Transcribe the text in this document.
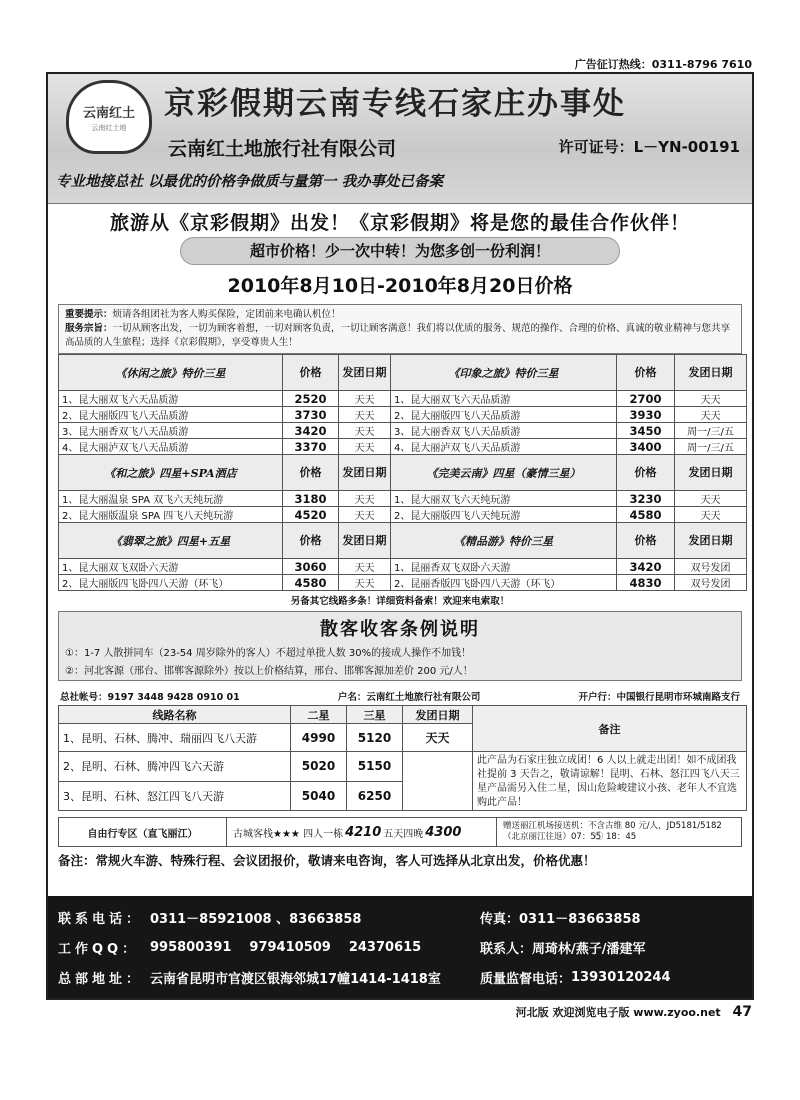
广告征订热线：0311-8796 7610
云南红土
云南红土地
京彩假期云南专线石家庄办事处
云南红土地旅行社有限公司	许可证号：L－YN-00191
专业地接总社 以最优的价格争做质与量第一 我办事处已备案
旅游从《京彩假期》出发！《京彩假期》将是您的最佳合作伙伴！
超市价格！少一次中转！为您多创一份利润！
2010年8月10日-2010年8月20日价格
重要提示：烦请各组团社为客人购买保险，定团前来电确认机位！
服务宗旨：一切从顾客出发，一切为顾客着想，一切对顾客负责，一切让顾客满意！我们将以优质的服务、规范的操作、合理的价格、真诚的敬业精神与您共享高品质的人生旅程；选择《京彩假期》，享受尊贵人生！
《休闲之旅》特价三星	价格	发团日期	《印象之旅》特价三星	价格	发团日期
1、昆大丽双飞六天品质游	2520	天天	1、昆大丽双飞六天品质游	2700	天天
2、昆大丽版四飞八天品质游	3730	天天	2、昆大丽版四飞八天品质游	3930	天天
3、昆大丽香双飞八天品质游	3420	天天	3、昆大丽香双飞八天品质游	3450	周一/三/五
4、昆大丽泸双飞八天品质游	3370	天天	4、昆大丽泸双飞八天品质游	3400	周一/三/五
《和之旅》四星+SPA酒店	价格	发团日期	《完美云南》四星（豪情三星）	价格	发团日期
1、昆大丽温泉 SPA 双飞六天纯玩游	3180	天天	1、昆大丽双飞六天纯玩游	3230	天天
2、昆大丽版温泉 SPA 四飞八天纯玩游	4520	天天	2、昆大丽版四飞八天纯玩游	4580	天天
《翡翠之旅》四星+五星	价格	发团日期	《精品游》特价三星	价格	发团日期
1、昆大丽双飞双卧六天游	3060	天天	1、昆丽香双飞双卧六天游	3420	双号发团
2、昆大丽版四飞卧四八天游（环飞）	4580	天天	2、昆丽香版四飞卧四八天游（环飞）	4830	双号发团
另备其它线路多条！详细资料备索！欢迎来电索取！
散客收客条例说明
①：1-7 人散拼同车（23-54 周岁除外的客人）不超过单批人数 30%的接成人操作不加钱！
②：河北客源（邢台、邯郸客源除外）按以上价格结算，邢台、邯郸客源加差价 200 元/人！
总社帐号：9197 3448 9428 0910 01	户名：云南红土地旅行社有限公司	开户行：中国银行昆明市环城南路支行
线路名称	二星	三星	发团日期	备注
1、昆明、石林、腾冲、瑞丽四飞八天游	4990	5120	天天	
2、昆明、石林、腾冲四飞六天游	5020	5150		此产品为石家庄独立成团！6 人以上就走出团！如不成团我社提前 3 天告之，敬请谅解！昆明、石林、怒江四飞八天三星产品需另入住二星，因山危险峻建议小孩、老年人不宜选购此产品！
3、昆明、石林、怒江四飞八天游	5040	6250		
自由行专区（直飞丽江）	古城客栈★★★ 四人一栋 4210 五天四晚 4300	赠送丽江机场接送机：不含古维 80 元/人，JD5181/5182（北京丽江往返）07：55 ⃝ 18：45
备注：常规火车游、特殊行程、会议团报价，敬请来电咨询，客人可选择从北京出发，价格优惠！
联系电话： 0311－85921008 、83663858	传真： 0311－83663858
工作QQ： 995800391 979410509 24370615	联系人： 周琦林/燕子/潘建军
总部地址： 云南省昆明市官渡区银海邻城17幢1414-1418室	质量监督电话： 13930120244
河北版 欢迎浏览电子版 www.zyoo.net 47
